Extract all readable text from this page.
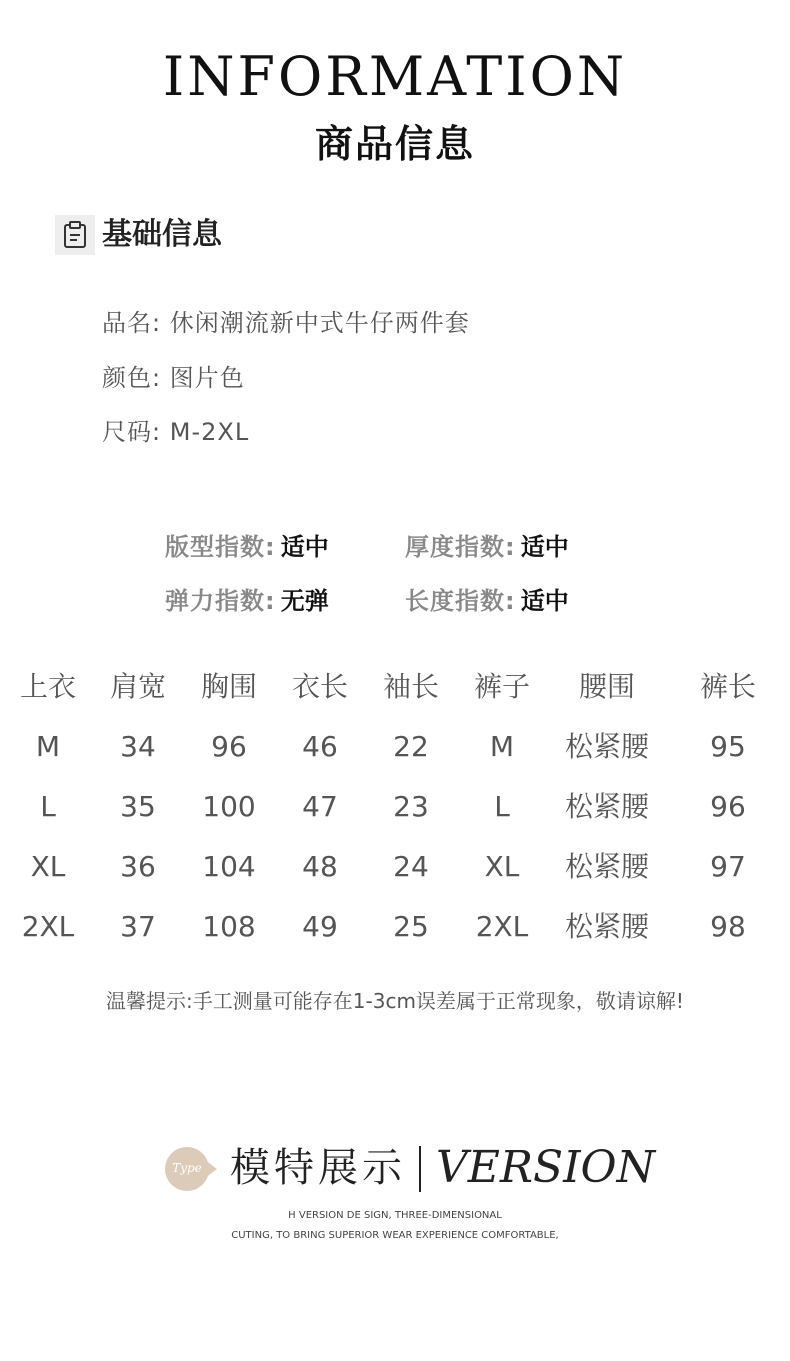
INFORMATION
商品信息
基础信息
品名: 休闲潮流新中式牛仔两件套
颜色: 图片色
尺码: M-2XL
版型指数: 适中	厚度指数: 适中
弹力指数: 无弹	长度指数: 适中
上衣	肩宽	胸围	衣长	袖长	裤子	腰围	裤长
M	34	96	46	22	M	松紧腰	95
L	35	100	47	23	L	松紧腰	96
XL	36	104	48	24	XL	松紧腰	97
2XL	37	108	49	25	2XL	松紧腰	98
温馨提示:手工测量可能存在1-3cm误差属于正常现象，敬请谅解!
Type 模特展示 VERSION
H VERSION DE SIGN, THREE-DIMENSIONAL
CUTING, TO BRING SUPERIOR WEAR EXPERIENCE COMFORTABLE,
